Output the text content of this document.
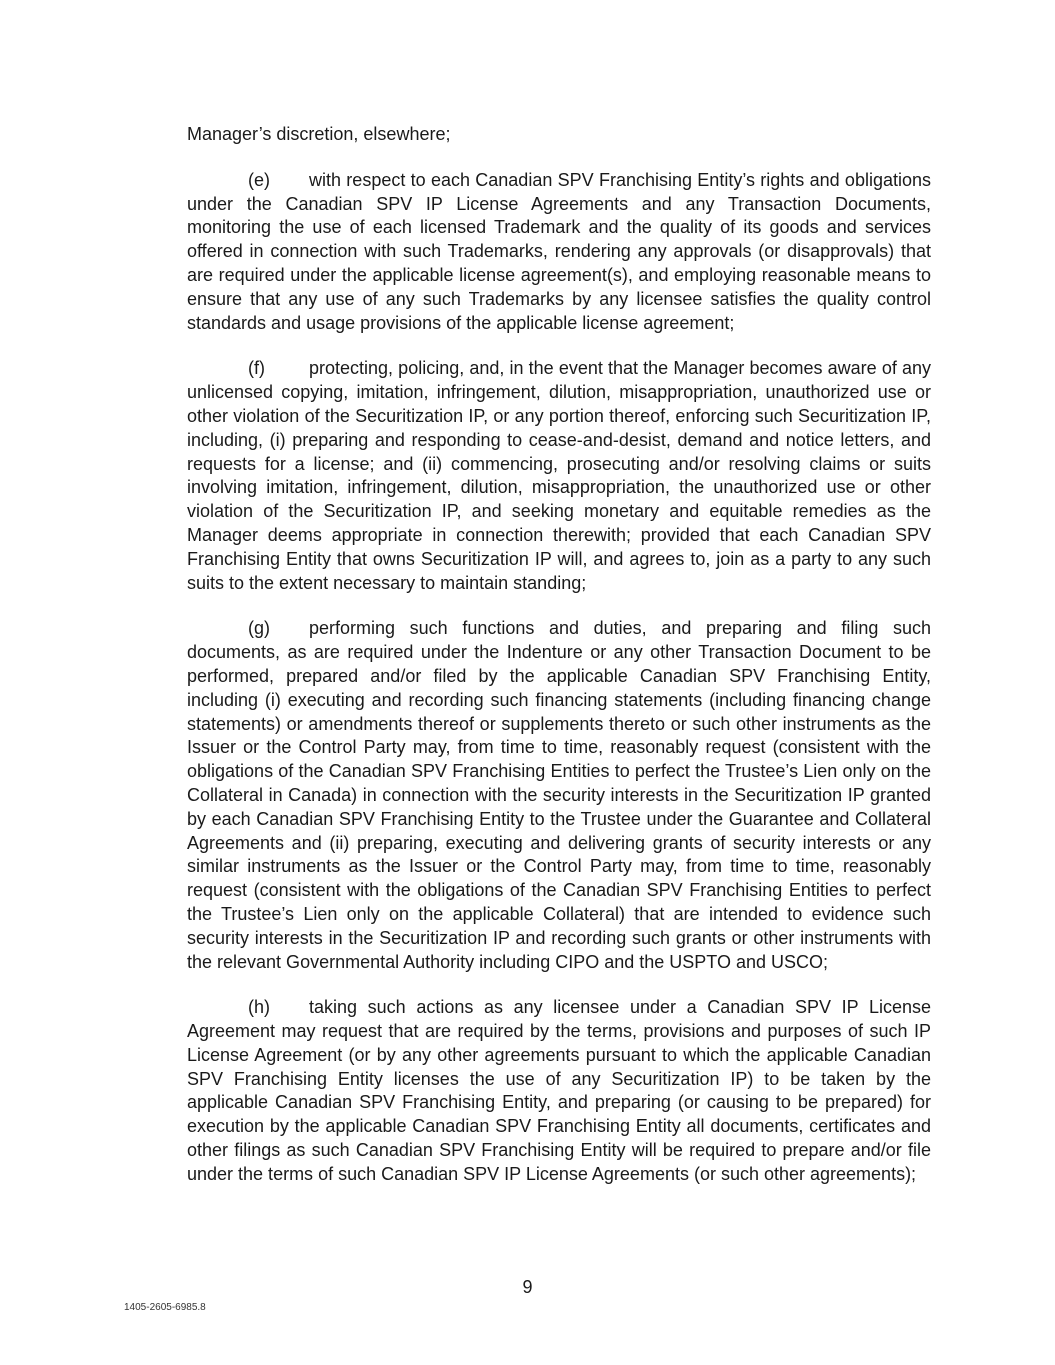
Manager’s discretion, elsewhere;

(e) with respect to each Canadian SPV Franchising Entity’s rights and obligations under the Canadian SPV IP License Agreements and any Transaction Documents, monitoring the use of each licensed Trademark and the quality of its goods and services offered in connection with such Trademarks, rendering any approvals (or disapprovals) that are required under the applicable license agreement(s), and employing reasonable means to ensure that any use of any such Trademarks by any licensee satisfies the quality control standards and usage provisions of the applicable license agreement;

(f) protecting, policing, and, in the event that the Manager becomes aware of any unlicensed copying, imitation, infringement, dilution, misappropriation, unauthorized use or other violation of the Securitization IP, or any portion thereof, enforcing such Securitization IP, including, (i) preparing and responding to cease-and-desist, demand and notice letters, and requests for a license; and (ii) commencing, prosecuting and/or resolving claims or suits involving imitation, infringement, dilution, misappropriation, the unauthorized use or other violation of the Securitization IP, and seeking monetary and equitable remedies as the Manager deems appropriate in connection therewith; provided that each Canadian SPV Franchising Entity that owns Securitization IP will, and agrees to, join as a party to any such suits to the extent necessary to maintain standing;

(g) performing such functions and duties, and preparing and filing such documents, as are required under the Indenture or any other Transaction Document to be performed, prepared and/or filed by the applicable Canadian SPV Franchising Entity, including (i) executing and recording such financing statements (including financing change statements) or amendments thereof or supplements thereto or such other instruments as the Issuer or the Control Party may, from time to time, reasonably request (consistent with the obligations of the Canadian SPV Franchising Entities to perfect the Trustee’s Lien only on the Collateral in Canada) in connection with the security interests in the Securitization IP granted by each Canadian SPV Franchising Entity to the Trustee under the Guarantee and Collateral Agreements and (ii) preparing, executing and delivering grants of security interests or any similar instruments as the Issuer or the Control Party may, from time to time, reasonably request (consistent with the obligations of the Canadian SPV Franchising Entities to perfect the Trustee’s Lien only on the applicable Collateral) that are intended to evidence such security interests in the Securitization IP and recording such grants or other instruments with the relevant Governmental Authority including CIPO and the USPTO and USCO;

(h) taking such actions as any licensee under a Canadian SPV IP License Agreement may request that are required by the terms, provisions and purposes of such IP License Agreement (or by any other agreements pursuant to which the applicable Canadian SPV Franchising Entity licenses the use of any Securitization IP) to be taken by the applicable Canadian SPV Franchising Entity, and preparing (or causing to be prepared) for execution by the applicable Canadian SPV Franchising Entity all documents, certificates and other filings as such Canadian SPV Franchising Entity will be required to prepare and/or file under the terms of such Canadian SPV IP License Agreements (or such other agreements);

9
1405-2605-6985.8
